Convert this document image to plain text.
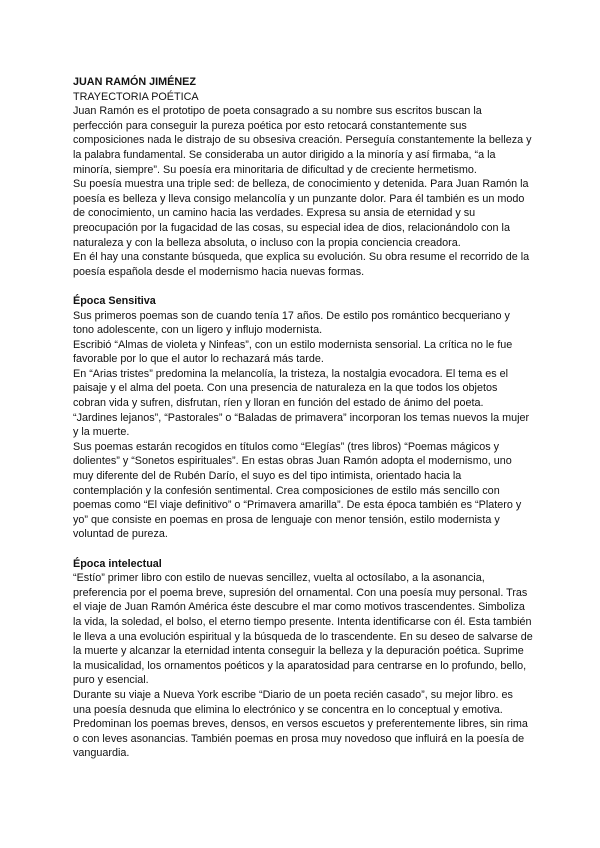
JUAN RAMÓN JIMÉNEZ

TRAYECTORIA POÉTICA

Juan Ramón es el prototipo de poeta consagrado a su nombre sus escritos buscan la perfección para conseguir la pureza poética por esto retocará constantemente sus composiciones nada le distrajo de su obsesiva creación. Perseguía constantemente la belleza y la palabra fundamental. Se consideraba un autor dirigido a la minoría y así firmaba, “a la minoría, siempre”. Su poesía era minoritaria de dificultad y de creciente hermetismo.

Su poesía muestra una triple sed: de belleza, de conocimiento y detenida. Para Juan Ramón la poesía es belleza y lleva consigo melancolía y un punzante dolor. Para él también es un modo de conocimiento, un camino hacia las verdades. Expresa su ansia de eternidad y su preocupación por la fugacidad de las cosas, su especial idea de dios, relacionándolo con la naturaleza y con la belleza absoluta, o incluso con la propia conciencia creadora.

En él hay una constante búsqueda, que explica su evolución. Su obra resume el recorrido de la poesía española desde el modernismo hacia nuevas formas.

Época Sensitiva

Sus primeros poemas son de cuando tenía 17 años. De estilo pos romántico becqueriano y tono adolescente, con un ligero y influjo modernista.

Escribió “Almas de violeta y Ninfeas”, con un estilo modernista sensorial. La crítica no le fue favorable por lo que el autor lo rechazará más tarde.

En “Arias tristes” predomina la melancolía, la tristeza, la nostalgia evocadora. El tema es el paisaje y el alma del poeta. Con una presencia de naturaleza en la que todos los objetos cobran vida y sufren, disfrutan, ríen y lloran en función del estado de ánimo del poeta.

“Jardines lejanos”, “Pastorales” o “Baladas de primavera” incorporan los temas nuevos la mujer y la muerte.

Sus poemas estarán recogidos en títulos como “Elegías” (tres libros) “Poemas mágicos y dolientes” y “Sonetos espirituales”. En estas obras Juan Ramón adopta el modernismo, uno muy diferente del de Rubén Darío, el suyo es del tipo intimista, orientado hacia la contemplación y la confesión sentimental. Crea composiciones de estilo más sencillo con poemas como “El viaje definitivo” o “Primavera amarilla”. De esta época también es “Platero y yo” que consiste en poemas en prosa de lenguaje con menor tensión, estilo modernista y voluntad de pureza.

Época intelectual

“Estío” primer libro con estilo de nuevas sencillez, vuelta al octosílabo, a la asonancia, preferencia por el poema breve, supresión del ornamental. Con una poesía muy personal. Tras el viaje de Juan Ramón América éste descubre el mar como motivos trascendentes. Simboliza la vida, la soledad, el bolso, el eterno tiempo presente. Intenta identificarse con él. Esta también le lleva a una evolución espiritual y la búsqueda de lo trascendente. En su deseo de salvarse de la muerte y alcanzar la eternidad intenta conseguir la belleza y la depuración poética. Suprime la musicalidad, los ornamentos poéticos y la aparatosidad para centrarse en lo profundo, bello, puro y esencial.

Durante su viaje a Nueva York escribe “Diario de un poeta recién casado”, su mejor libro. es una poesía desnuda que elimina lo electrónico y se concentra en lo conceptual y emotiva. Predominan los poemas breves, densos, en versos escuetos y preferentemente libres, sin rima o con leves asonancias. También poemas en prosa muy novedoso que influirá en la poesía de vanguardia.
